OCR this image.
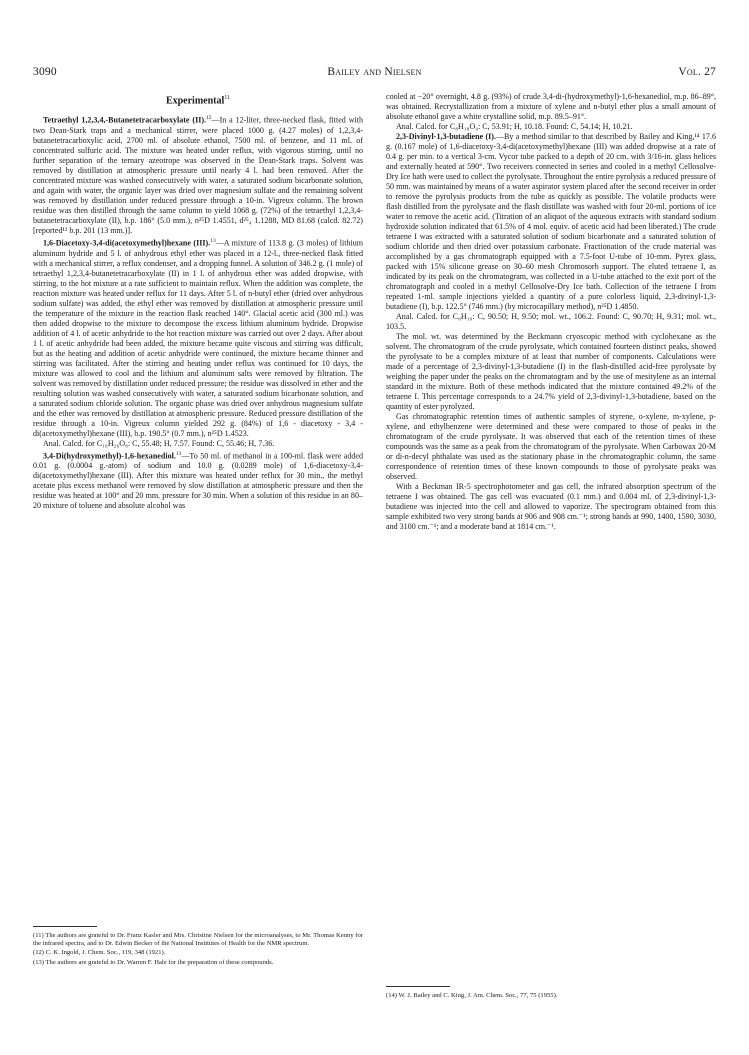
3090	Bailey and Nielsen	Vol. 27
Experimental$^{11}$

Tetraethyl 1,2,3,4,-Butanetetracarboxylate (II).$^{12}$—In a 12-liter, three-necked flask, fitted with two Dean-Stark traps and a mechanical stirrer, were placed 1000 g. (4.27 moles) of 1,2,3,4-butanetetracarboxylic acid, 2700 ml. of absolute ethanol, 7500 ml. of benzene, and 11 ml. of concentrated sulfuric acid. The mixture was heated under reflux, with vigorous stirring, until no further separation of the ternary azeotrope was observed in the Dean-Stark traps. Solvent was removed by distillation at atmospheric pressure until nearly 4 l. had been removed. After the concentrated mixture was washed consecutively with water, a saturated sodium bicarbonate solution, and again with water, the organic layer was dried over magnesium sulfate and the remaining solvent was removed by distillation under reduced pressure through a 10-in. Vigreux column. The brown residue was then distilled through the same column to yield 1068 g. (72%) of the tetraethyl 1,2,3,4-butanetetracarboxylate (II), b.p. 186° (5.0 mm.), n²⁵D 1.4551, d²⁵₄ 1.1288, MD 81.68 (calcd. 82.72) [reported¹² b.p. 201 (13 mm.)].

1,6-Diacetoxy-3,4-di(acetoxymethyl)hexane (III).$^{13}$—A mixture of 113.8 g. (3 moles) of lithium aluminum hydride and 5 l. of anhydrous ethyl ether was placed in a 12-l., three-necked flask fitted with a mechanical stirrer, a reflux condenser, and a dropping funnel. A solution of 346.2 g. (1 mole) of tetraethyl 1,2,3,4-butanetetracarboxylate (II) in 1 l. of anhydrous ether was added dropwise, with stirring, to the hot mixture at a rate sufficient to maintain reflux. When the addition was complete, the reaction mixture was heated under reflux for 11 days. After 5 l. of n-butyl ether (dried over anhydrous sodium sulfate) was added, the ethyl ether was removed by distillation at atmospheric pressure until the temperature of the mixture in the reaction flask reached 140°. Glacial acetic acid (300 ml.) was then added dropwise to the mixture to decompose the excess lithium aluminum hydride. Dropwise addition of 4 l. of acetic anhydride to the hot reaction mixture was carried out over 2 days. After about 1 l. of acetic anhydride had been added, the mixture became quite viscous and stirring was difficult, but as the heating and addition of acetic anhydride were continued, the mixture became thinner and stirring was facilitated. After the stirring and heating under reflux was continued for 10 days, the mixture was allowed to cool and the lithium and aluminum salts were removed by filtration. The solvent was removed by distillation under reduced pressure; the residue was dissolved in ether and the resulting solution was washed consecutively with water, a saturated sodium bicarbonate solution, and a saturated sodium chloride solution. The organic phase was dried over anhydrous magnesium sulfate and the ether was removed by distillation at atmospheric pressure. Reduced pressure distillation of the residue through a 10-in. Vigreux column yielded 292 g. (84%) of 1,6 - diacetoxy - 3,4 - di(acetoxymethyl)hexane (III), b.p. 190.5° (0.7 mm.), n²⁵D 1.4523.

Anal. Calcd. for C₁₆H₂₆O₈: C, 55.48; H, 7.57. Found: C, 55.46; H, 7.36.

3,4-Di(hydroxymethyl)-1,6-hexanediol.$^{13}$—To 50 ml. of methanol in a 100-ml. flask were added 0.01 g. (0.0004 g.-atom) of sodium and 10.0 g. (0.0289 mole) of 1,6-diacetoxy-3,4-di(acetoxymethyl)hexane (III). After this mixture was heated under reflux for 30 min., the methyl acetate plus excess methanol were removed by slow distillation at atmospheric pressure and then the residue was heated at 100° and 20 mm. pressure for 30 min. When a solution of this residue in an 80–20 mixture of toluene and absolute alcohol was

(11) The authors are grateful to Dr. Franz Kasler and Mrs. Christine Nielsen for the microanalyses, to Mr. Thomas Kenny for the infrared spectra, and to Dr. Edwin Becker of the National Institutes of Health for the NMR spectrum.

(12) C. K. Ingold, J. Chem. Soc., 119, 348 (1921).

(13) The authors are grateful to Dr. Warren F. Hale for the preparation of these compounds.

cooled at −20° overnight, 4.8 g. (93%) of crude 3,4-di-(hydroxymethyl)-1,6-hexanediol, m.p. 86–89°, was obtained. Recrystallization from a mixture of xylene and n-butyl ether plus a small amount of absolute ethanol gave a white crystalline solid, m.p. 89.5–91°.

Anal. Calcd. for C₈H₁₈O₄: C, 53.91; H, 10.18. Found: C, 54.14; H, 10.21.

2,3-Divinyl-1,3-butadiene (I).—By a method similar to that described by Bailey and King,¹⁴ 17.6 g. (0.167 mole) of 1,6-diacetoxy-3,4-di(acetoxymethyl)hexane (III) was added dropwise at a rate of 0.4 g. per min. to a vertical 3-cm. Vycor tube packed to a depth of 20 cm. with 3/16-in. glass helices and externally heated at 590°. Two receivers connected in series and cooled in a methyl Cellosolve-Dry Ice bath were used to collect the pyrolysate. Throughout the entire pyrolysis a reduced pressure of 50 mm. was maintained by means of a water aspirator system placed after the second receiver in order to remove the pyrolysis products from the tube as quickly as possible. The volatile products were flash distilled from the pyrolysate and the flash distillate was washed with four 20-ml. portions of ice water to remove the acetic acid. (Titration of an aliquot of the aqueous extracts with standard sodium hydroxide solution indicated that 61.5% of 4 mol. equiv. of acetic acid had been liberated.) The crude tetraene I was extracted with a saturated solution of sodium bicarbonate and a saturated solution of sodium chloride and then dried over potassium carbonate. Fractionation of the crude material was accomplished by a gas chromatograph equipped with a 7.5-foot U-tube of 10-mm. Pyrex glass, packed with 15% silicone grease on 30–60 mesh Chromosorb support. The eluted tetraene I, as indicated by its peak on the chromatogram, was collected in a U-tube attached to the exit port of the chromatograph and cooled in a methyl Cellosolve-Dry Ice bath. Collection of the tetraene I from repeated 1-ml. sample injections yielded a quantity of a pure colorless liquid, 2,3-divinyl-1,3-butadiene (I), b.p. 122.5° (746 mm.) (by microcapillary method), n²⁵D 1.4850.

Anal. Calcd. for C₈H₁₀: C, 90.50; H, 9.50; mol. wt., 106.2. Found: C, 90.70; H, 9.31; mol. wt., 103.5.

The mol. wt. was determined by the Beckmann cryoscopic method with cyclohexane as the solvent. The chromatogram of the crude pyrolysate, which contained fourteen distinct peaks, showed the pyrolysate to be a complex mixture of at least that number of components. Calculations were made of a percentage of 2,3-divinyl-1,3-butadiene (I) in the flash-distilled acid-free pyrolysate by weighing the paper under the peaks on the chromatogram and by the use of mesitylene as an internal standard in the mixture. Both of these methods indicated that the mixture contained 49.2% of the tetraene I. This percentage corresponds to a 24.7% yield of 2,3-divinyl-1,3-butadiene, based on the quantity of ester pyrolyzed.

Gas chromatographic retention times of authentic samples of styrene, o-xylene, m-xylene, p-xylene, and ethylbenzene were determined and these were compared to those of peaks in the chromatogram of the crude pyrolysate. It was observed that each of the retention times of these compounds was the same as a peak from the chromatogram of the pyrolysate. When Carbowax 20-M or di-n-decyl phthalate was used as the stationary phase in the chromatographic column, the same correspondence of retention times of these known compounds to those of pyrolysate peaks was observed.

With a Beckman IR-5 spectrophotometer and gas cell, the infrared absorption spectrum of the tetraene I was obtained. The gas cell was evacuated (0.1 mm.) and 0.004 ml. of 2,3-divinyl-1,3-butadiene was injected into the cell and allowed to vaporize. The spectrogram obtained from this sample exhibited two very strong bands at 906 and 908 cm.⁻¹; strong bands at 990, 1400, 1590, 3030, and 3100 cm.⁻¹; and a moderate band at 1814 cm.⁻¹.

(14) W. J. Bailey and C. King, J. Am. Chem. Soc., 77, 75 (1955).
